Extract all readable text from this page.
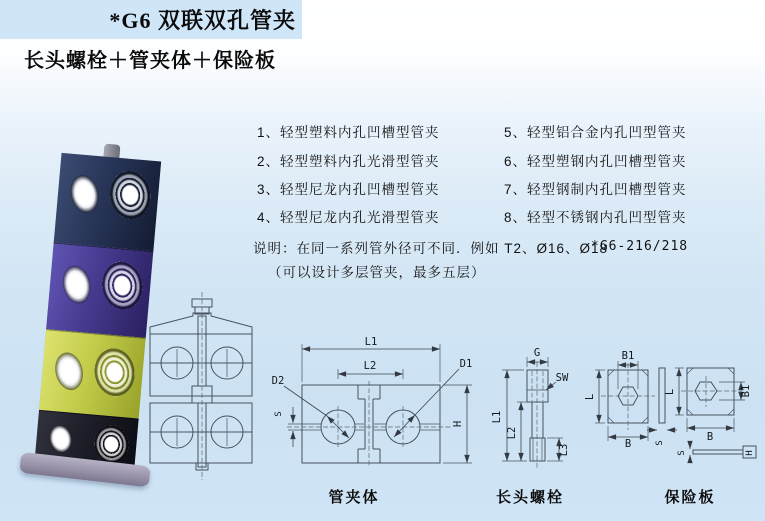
*G6 双联双孔管夹
长头螺栓＋管夹体＋保险板
1、轻型塑料内孔凹槽型管夹
2、轻型塑料内孔光滑型管夹
3、轻型尼龙内孔凹槽型管夹
4、轻型尼龙内孔光滑型管夹
5、轻型铝合金内孔凹型管夹
6、轻型塑钢内孔凹槽型管夹
7、轻型钢制内孔凹槽型管夹
8、轻型不锈钢内孔凹型管夹
说明：在同一系列管外径可不同．例如 T2、Ø16、Ø18
*G6-216/218
（可以设计多层管夹，最多五层）
L1
L2	D1
D2
S
H
G
SW
L1
L2
L3
B1
L
B	S
L	B1
B
S	H
管夹体	长头螺栓	保险板
